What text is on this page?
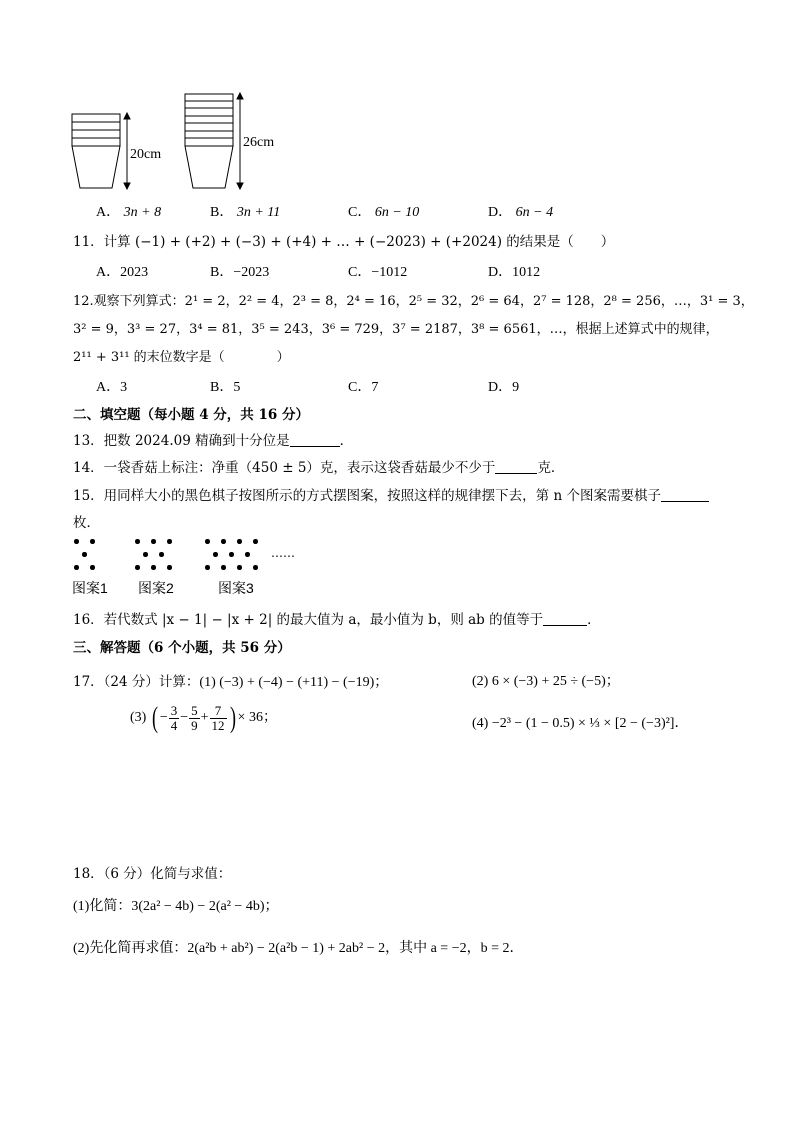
20cm
26cm
A． 3n + 8	B． 3n + 11	C． 6n − 10	D． 6n − 4
11．计算 (−1) + (+2) + (−3) + (+4) + … + (−2023) + (+2024) 的结果是（　　）
A．2023	B．−2023	C．−1012	D．1012
12.观察下列算式：2¹ = 2，2² = 4，2³ = 8，2⁴ = 16，2⁵ = 32，2⁶ = 64，2⁷ = 128，2⁸ = 256，…，3¹ = 3，
3² = 9，3³ = 27，3⁴ = 81，3⁵ = 243，3⁶ = 729，3⁷ = 2187，3⁸ = 6561，…，根据上述算式中的规律，
2¹¹ + 3¹¹ 的末位数字是（　　　　）
A．3	B．5	C．7	D．9
二、填空题（每小题 4 分，共 16 分）
13．把数 2024.09 精确到十分位是	．
14．一袋香菇上标注：净重（450 ± 5）克，表示这袋香菇最少不少于	克．
15．用同样大小的黑色棋子按图所示的方式摆图案，按照这样的规律摆下去，第 n 个图案需要棋子
枚．
……
图案1 图案2	图案3
16．若代数式 |x − 1| − |x + 2| 的最大值为 a，最小值为 b，则 ab 的值等于	．
三、解答题（6 个小题，共 56 分）
17．（24 分）计算：(1) (−3) + (−4) − (+11) − (−19)；	(2) 6 × (−3) + 25 ÷ (−5)；
(3) ( − $\frac{3}{4} - \frac{5}{9} + \frac{7}{12}$ ) × 36；	(4) −2³ − (1 − 0.5) × ⅓ × [2 − (−3)²]．
18．（6 分）化简与求值：
(1)化简：3(2a² − 4b) − 2(a² − 4b)；
(2)先化简再求值：2(a²b + ab²) − 2(a²b − 1) + 2ab² − 2，其中 a = −2，b = 2．
